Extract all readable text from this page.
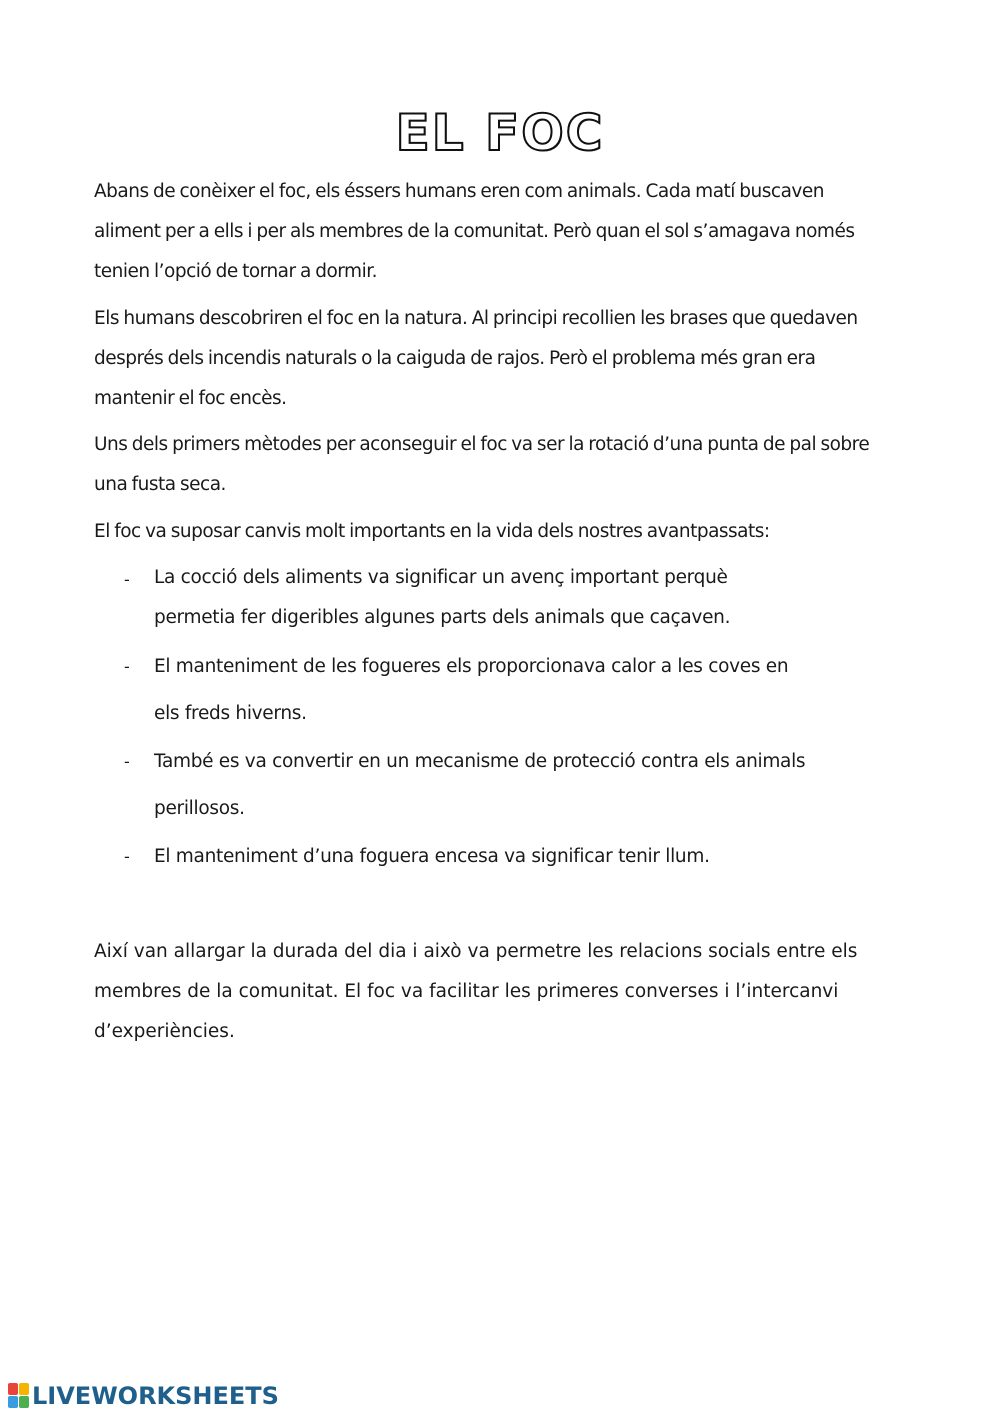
EL FOC

Abans de conèixer el foc, els éssers humans eren com animals. Cada matí buscaven aliment per a ells i per als membres de la comunitat. Però quan el sol s’amagava només tenien l’opció de tornar a dormir.

Els humans descobriren el foc en la natura. Al principi recollien les brases que quedaven després dels incendis naturals o la caiguda de rajos. Però el problema més gran era mantenir el foc encès.

Uns dels primers mètodes per aconseguir el foc va ser la rotació d’una punta de pal sobre una fusta seca.

El foc va suposar canvis molt importants en la vida dels nostres avantpassats:

- La cocció dels aliments va significar un avenç important perquè permetia fer digeribles algunes parts dels animals que caçaven.
- El manteniment de les fogueres els proporcionava calor a les coves en els freds hiverns.
- També es va convertir en un mecanisme de protecció contra els animals perillosos.
- El manteniment d’una foguera encesa va significar tenir llum.

Així van allargar la durada del dia i això va permetre les relacions socials entre els membres de la comunitat. El foc va facilitar les primeres converses i l’intercanvi d’experiències.

LIVEWORKSHEETS
